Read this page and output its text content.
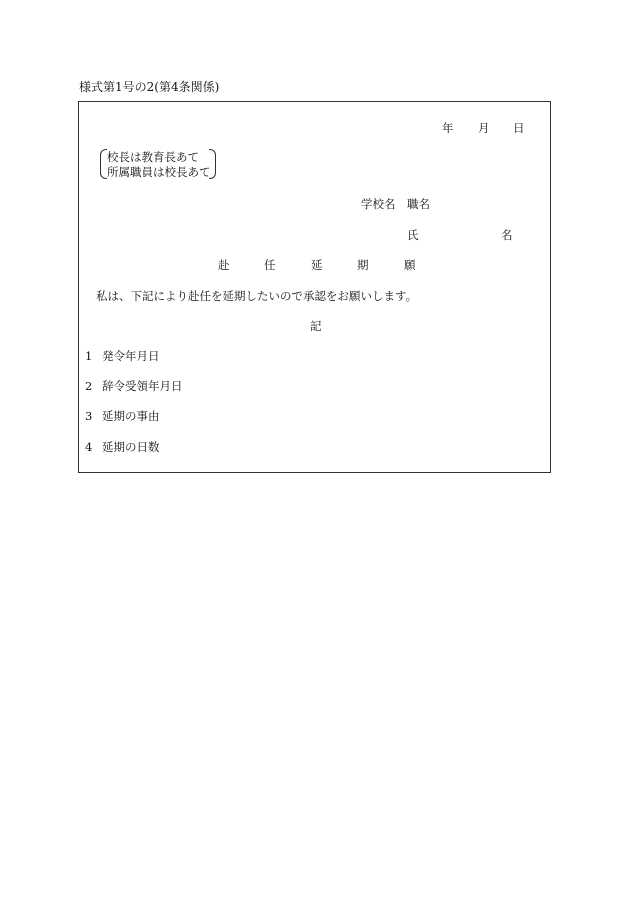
様式第1号の2(第4条関係)
年 月 日
校長は教育長あて
所属職員は校長あて
学校名 職名
氏	名
赴	任	延	期	願
私は、下記により赴任を延期したいので承認をお願いします。
記
1 発令年月日
2 辞令受領年月日
3 延期の事由
4 延期の日数
